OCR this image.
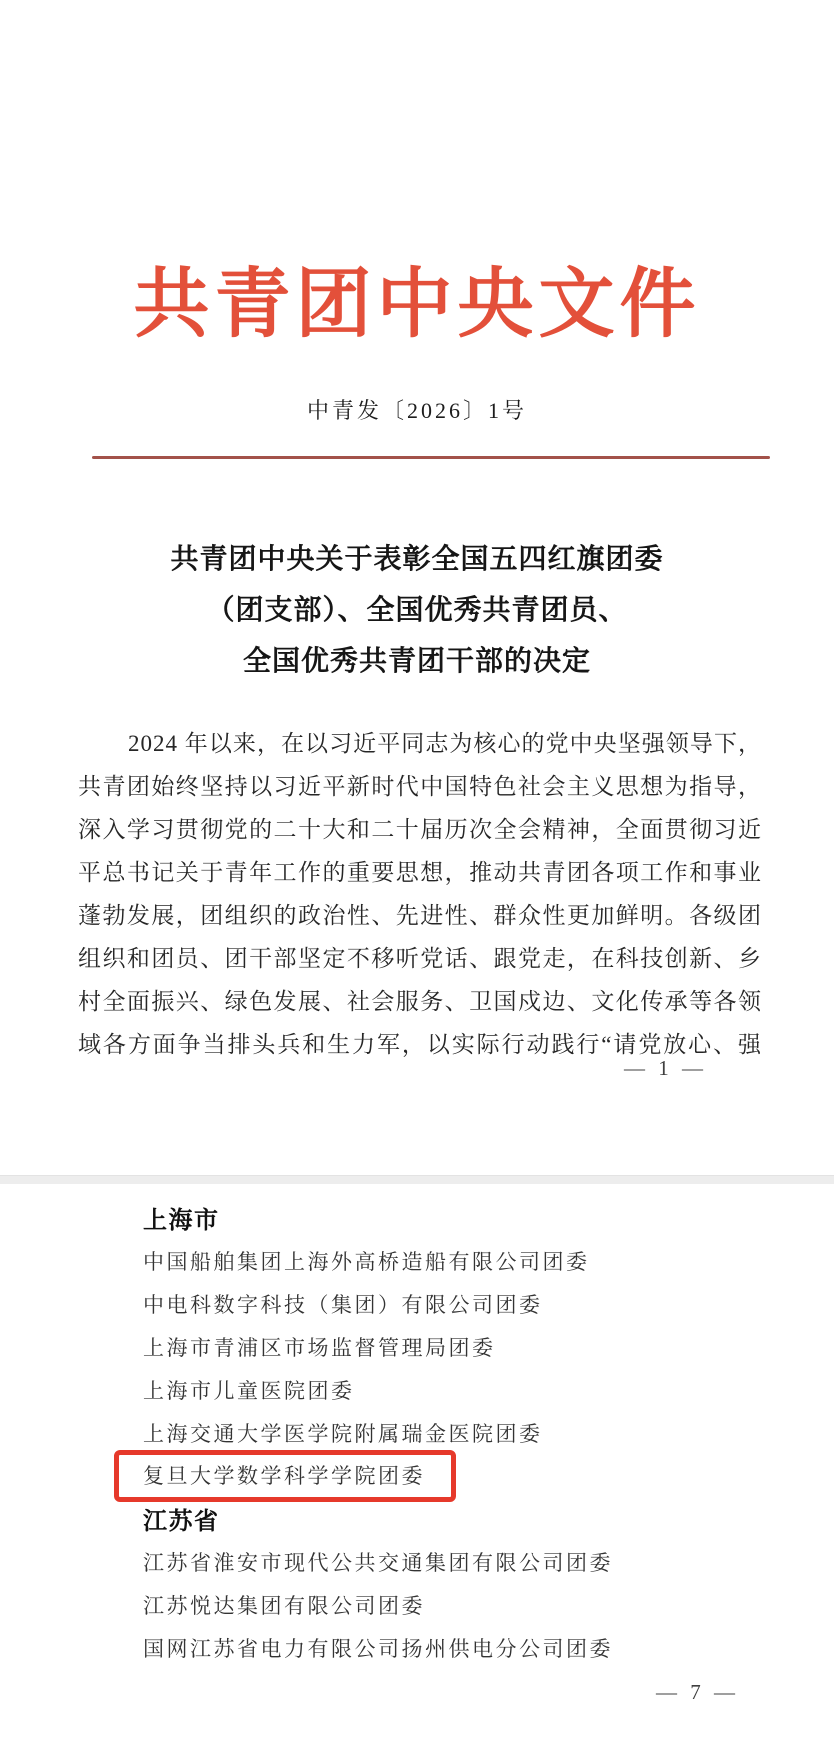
共青团中央文件
中青发〔2026〕1号
共青团中央关于表彰全国五四红旗团委
（团支部）、全国优秀共青团员、
全国优秀共青团干部的决定
2024 年以来，在以习近平同志为核心的党中央坚强领导下，
共青团始终坚持以习近平新时代中国特色社会主义思想为指导，
深入学习贯彻党的二十大和二十届历次全会精神，全面贯彻习近
平总书记关于青年工作的重要思想，推动共青团各项工作和事业
蓬勃发展，团组织的政治性、先进性、群众性更加鲜明。各级团
组织和团员、团干部坚定不移听党话、跟党走，在科技创新、乡
村全面振兴、绿色发展、社会服务、卫国戍边、文化传承等各领
域各方面争当排头兵和生力军，以实际行动践行“请党放心、强
— 1 —
上海市
中国船舶集团上海外高桥造船有限公司团委
中电科数字科技（集团）有限公司团委
上海市青浦区市场监督管理局团委
上海市儿童医院团委
上海交通大学医学院附属瑞金医院团委
复旦大学数学科学学院团委
江苏省
江苏省淮安市现代公共交通集团有限公司团委
江苏悦达集团有限公司团委
国网江苏省电力有限公司扬州供电分公司团委
— 7 —
